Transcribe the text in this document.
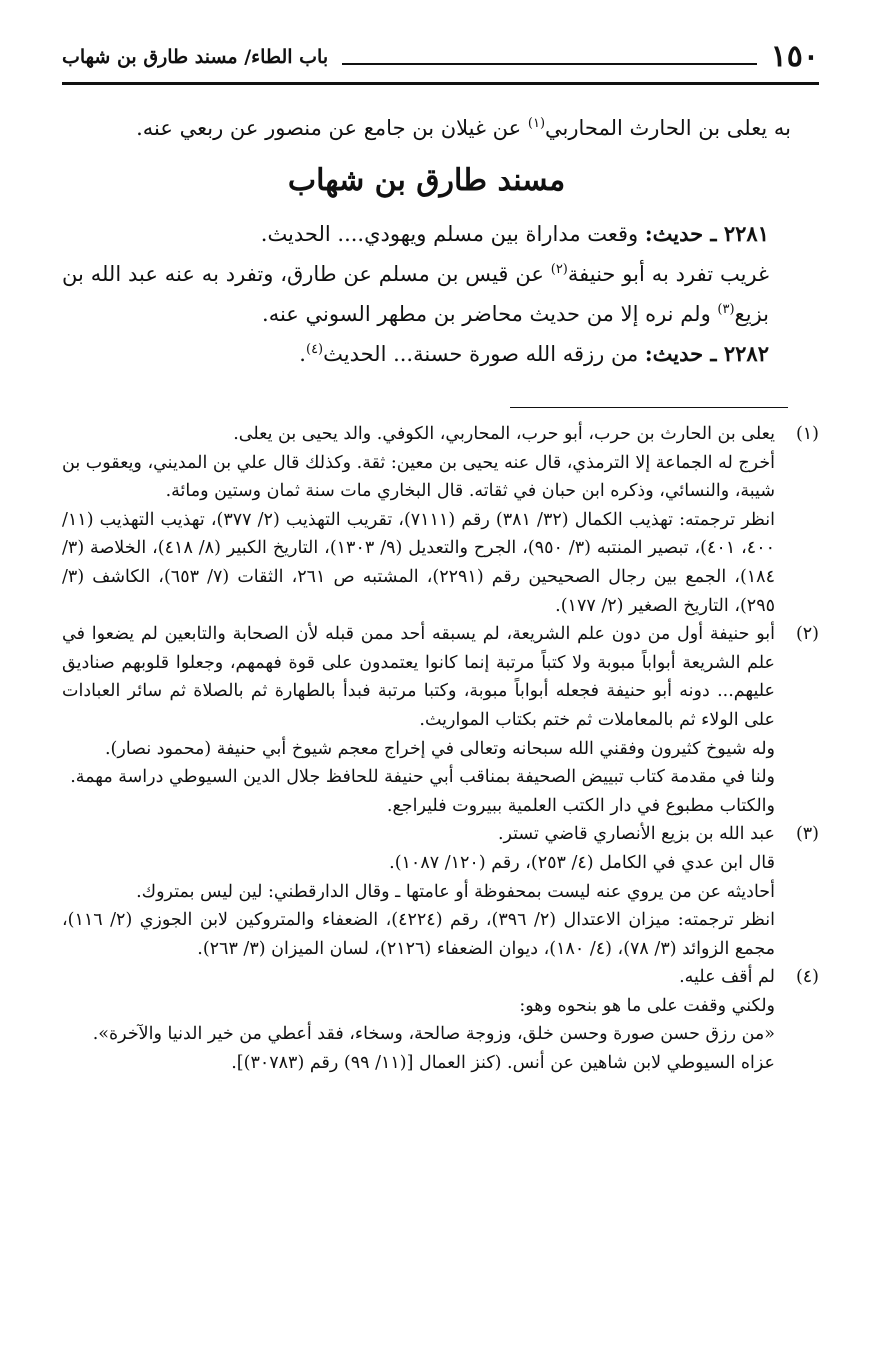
١٥٠
باب الطاء/ مسند طارق بن شهاب

به يعلى بن الحارث المحاربي$^{(١)}$ عن غيلان بن جامع عن منصور عن ربعي عنه.

مسند طارق بن شهاب

٢٢٨١ ـ حديث: وقعت مداراة بين مسلم ويهودي.... الحديث.

غريب تفرد به أبو حنيفة$^{(٢)}$ عن قيس بن مسلم عن طارق، وتفرد به عنه عبد الله بن بزيع$^{(٣)}$ ولم نره إلا من حديث محاضر بن مطهر السوني عنه.

٢٢٨٢ ـ حديث: من رزقه الله صورة حسنة... الحديث$^{(٤)}$.

(١)

يعلى بن الحارث بن حرب، أبو حرب، المحاربي، الكوفي. والد يحيى بن يعلى.

أخرج له الجماعة إلا الترمذي، قال عنه يحيى بن معين: ثقة. وكذلك قال علي بن المديني، ويعقوب بن شيبة، والنسائي، وذكره ابن حبان في ثقاته. قال البخاري مات سنة ثمان وستين ومائة.

انظر ترجمته: تهذيب الكمال (٣٢/ ٣٨١) رقم (٧١١١)، تقريب التهذيب (٢/ ٣٧٧)، تهذيب التهذيب (١١/ ٤٠٠، ٤٠١)، تبصير المنتبه (٣/ ٩٥٠)، الجرح والتعديل (٩/ ١٣٠٣)، التاريخ الكبير (٨/ ٤١٨)، الخلاصة (٣/ ١٨٤)، الجمع بين رجال الصحيحين رقم (٢٢٩١)، المشتبه ص ٢٦١، الثقات (٧/ ٦٥٣)، الكاشف (٣/ ٢٩٥)، التاريخ الصغير (٢/ ١٧٧).

(٢)

أبو حنيفة أول من دون علم الشريعة، لم يسبقه أحد ممن قبله لأن الصحابة والتابعين لم يضعوا في علم الشريعة أبواباً مبوبة ولا كتباً مرتبة إنما كانوا يعتمدون على قوة فهمهم، وجعلوا قلوبهم صناديق عليهم... دونه أبو حنيفة فجعله أبواباً مبوبة، وكتبا مرتبة فبدأ بالطهارة ثم بالصلاة ثم سائر العبادات على الولاء ثم بالمعاملات ثم ختم بكتاب المواريث.

وله شيوخ كثيرون وفقني الله سبحانه وتعالى في إخراج معجم شيوخ أبي حنيفة (محمود نصار).

ولنا في مقدمة كتاب تبييض الصحيفة بمناقب أبي حنيفة للحافظ جلال الدين السيوطي دراسة مهمة.

والكتاب مطبوع في دار الكتب العلمية ببيروت فليراجع.

(٣)

عبد الله بن بزيع الأنصاري قاضي تستر.

قال ابن عدي في الكامل (٤/ ٢٥٣)، رقم (١٢٠/ ١٠٨٧).

أحاديثه عن من يروي عنه ليست بمحفوظة أو عامتها ـ وقال الدارقطني: لين ليس بمتروك.

انظر ترجمته: ميزان الاعتدال (٢/ ٣٩٦)، رقم (٤٢٢٤)، الضعفاء والمتروكين لابن الجوزي (٢/ ١١٦)، مجمع الزوائد (٣/ ٧٨)، (٤/ ١٨٠)، ديوان الضعفاء (٢١٢٦)، لسان الميزان (٣/ ٢٦٣).

(٤)

لم أقف عليه.

ولكني وقفت على ما هو بنحوه وهو:

«من رزق حسن صورة وحسن خلق، وزوجة صالحة، وسخاء، فقد أعطي من خير الدنيا والآخرة».

عزاه السيوطي لابن شاهين عن أنس. (كنز العمال [(١١/ ٩٩) رقم (٣٠٧٨٣)].
